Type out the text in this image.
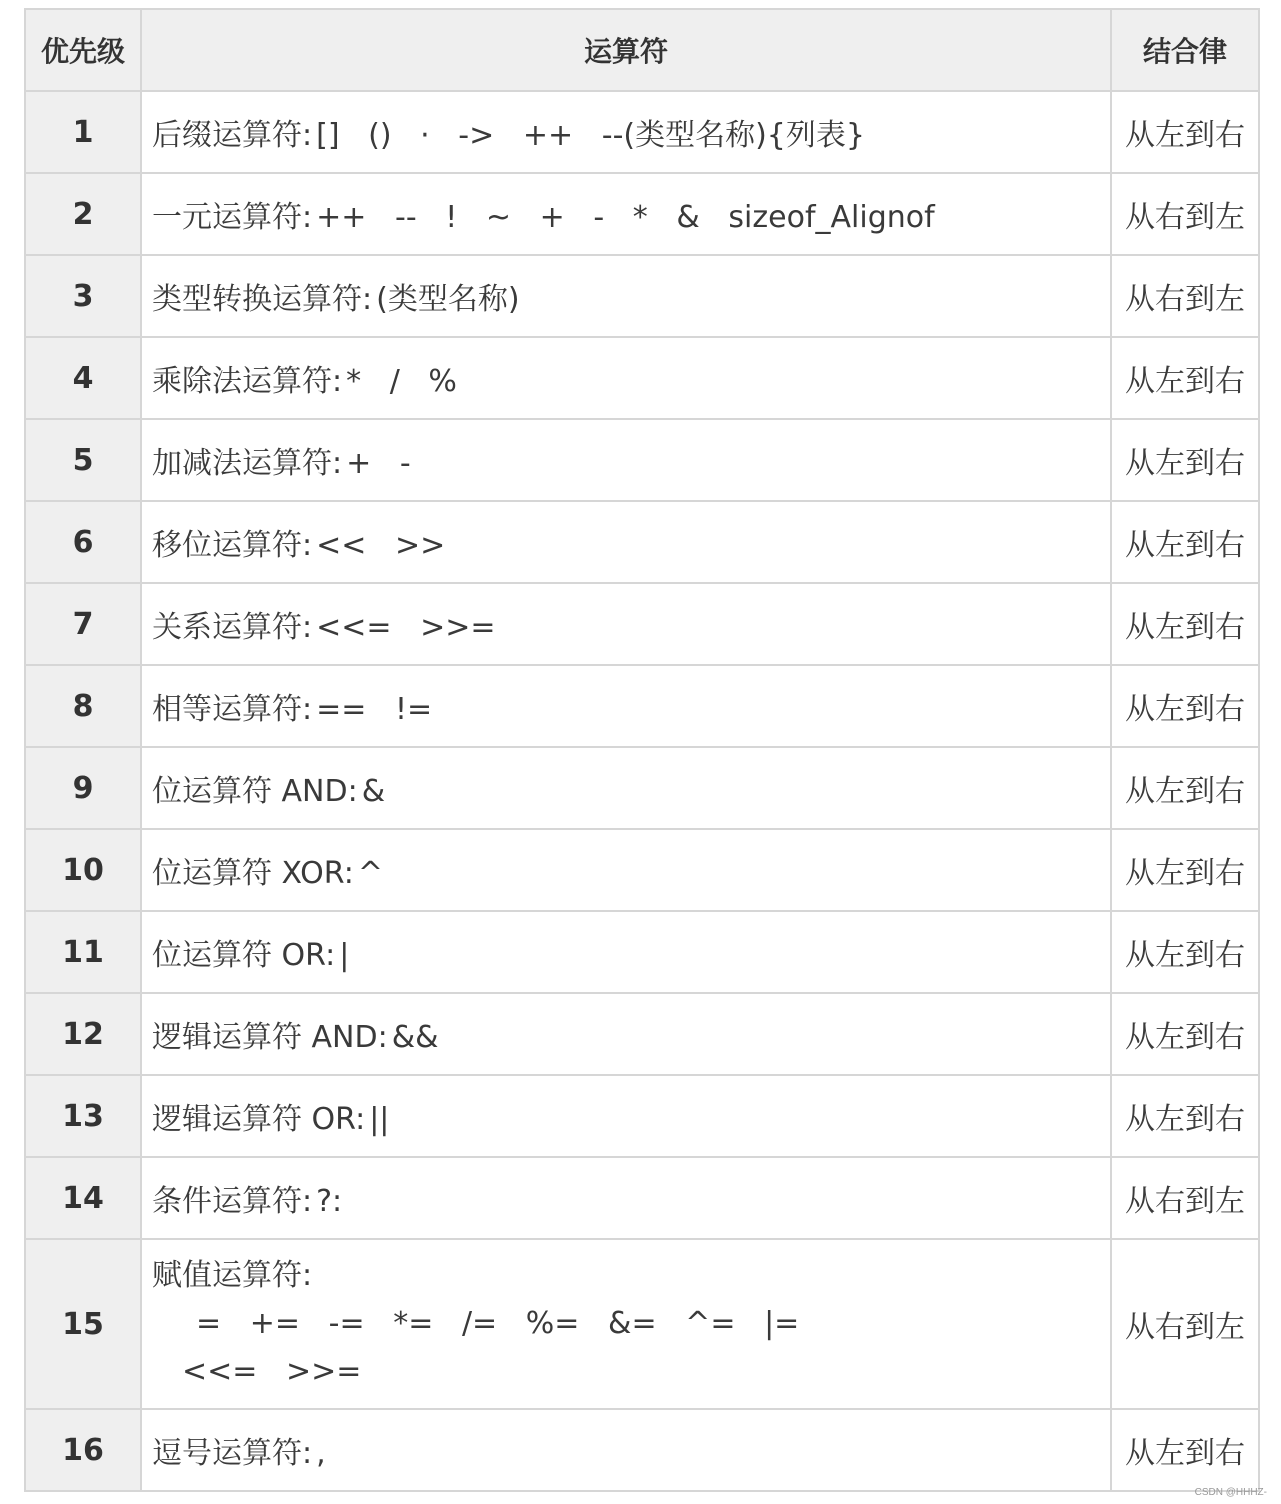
优先级	运算符	结合律
1	后缀运算符: []   ()   ·   ->   ++   --(类型名称){列表}	从左到右
2	一元运算符: ++   --   !   ~   +   -   *   &   sizeof_Alignof	从右到左
3	类型转换运算符: (类型名称)	从右到左
4	乘除法运算符: *   /   %	从左到右
5	加减法运算符: +   -	从左到右
6	移位运算符: <<   >>	从左到右
7	关系运算符: <<=   >>=	从左到右
8	相等运算符: ==   !=	从左到右
9	位运算符 AND: &	从左到右
10	位运算符 XOR: ^	从左到右
11	位运算符 OR: |	从左到右
12	逻辑运算符 AND: &&	从左到右
13	逻辑运算符 OR: ||	从左到右
14	条件运算符: ?:	从右到左
15	赋值运算符:
=   +=   -=   *=   /=   %=   &=   ^=   |=
<<=   >>=	从右到左
16	逗号运算符: ,	从左到右
CSDN @HHHZ-
